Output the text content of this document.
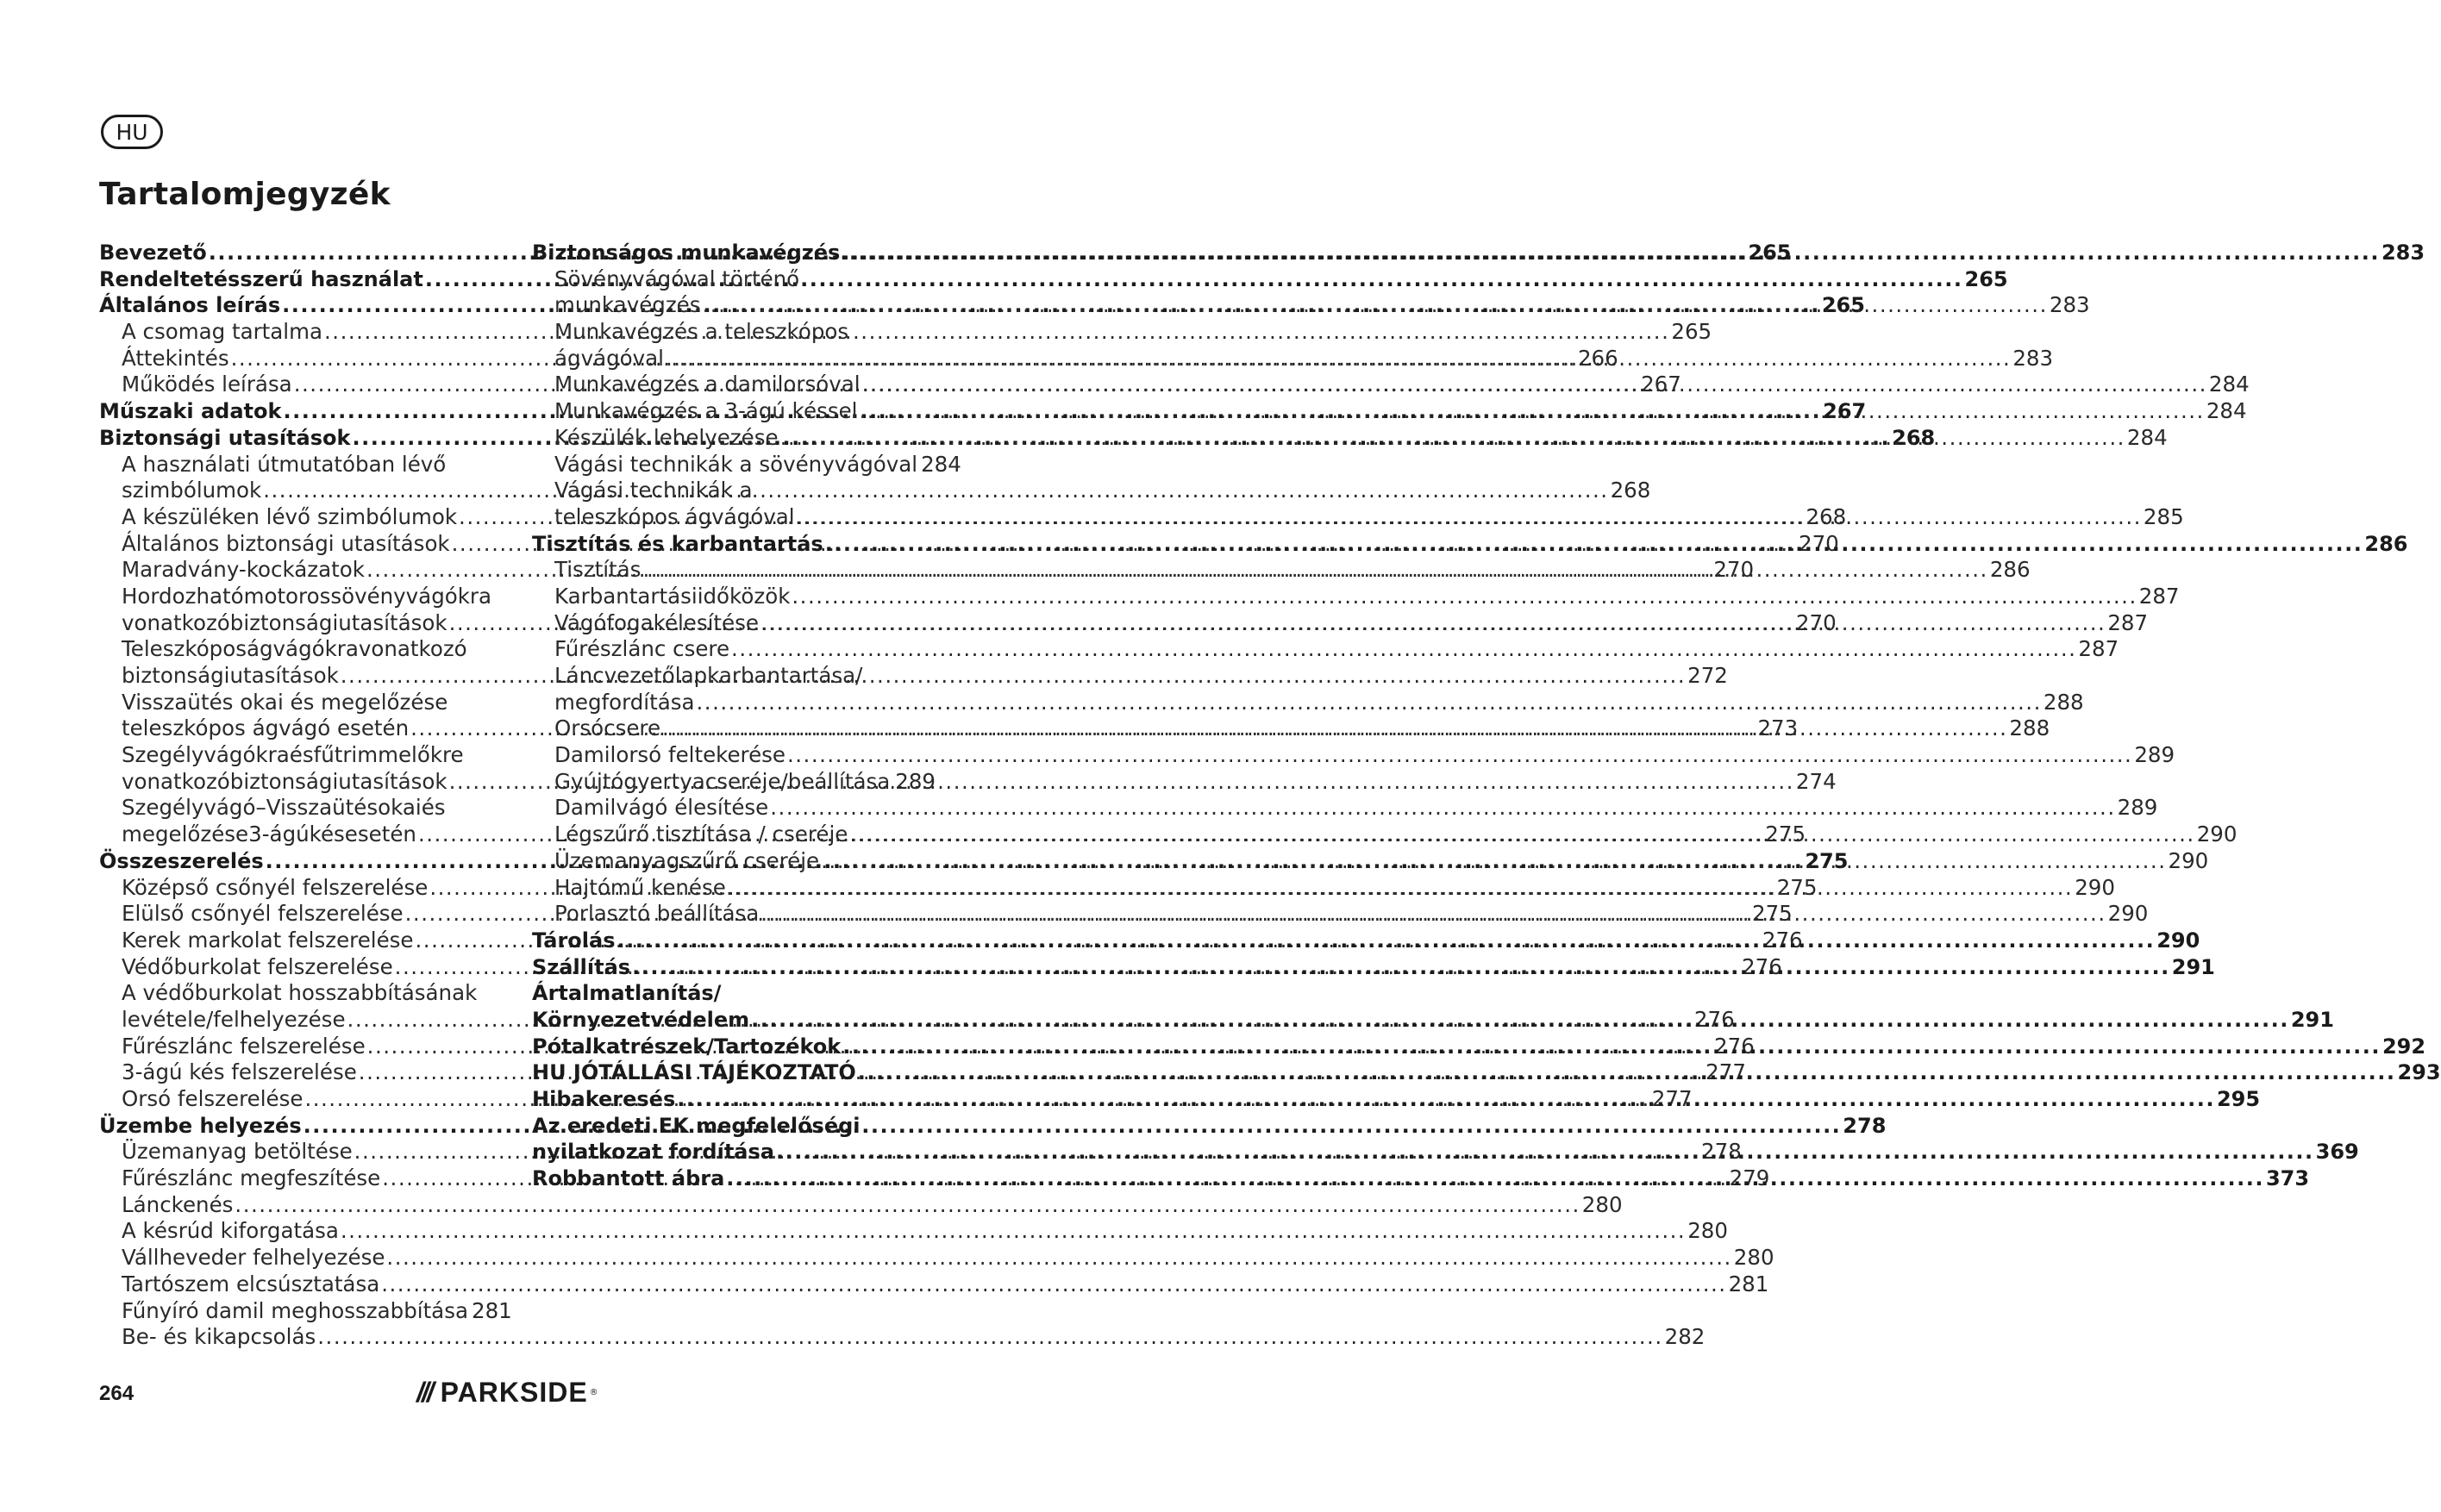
HU
Tartalomjegyzék
Bevezető .....	265
Rendeltetésszerű használat .....	265
Általános leírás .....	265
A csomag tartalma .....	265
Áttekintés .....	266
Működés leírása .....	267
Műszaki adatok .....	267
Biztonsági utasítások .....	268
A használati útmutatóban lévő
szimbólumok .....	268
A készüléken lévő szimbólumok .....	268
Általános biztonsági utasítások .....	270
Maradvány-kockázatok .....	270
Hordozhatómotorossövényvágókra
vonatkozóbiztonságiutasítások .....	270
Teleszkóposágvágókravonatkozó
biztonságiutasítások .....	272
Visszaütés okai és megelőzése
teleszkópos ágvágó esetén .....	273
Szegélyvágókraésfűtrimmelőkre
vonatkozóbiztonságiutasítások .....	274
Szegélyvágó–Visszaütésokaiés
megelőzése3-ágúkésesetén .....	275
Összeszerelés .....	275
Középső csőnyél felszerelése .....	275
Elülső csőnyél felszerelése .....	275
Kerek markolat felszerelése .....	276
Védőburkolat felszerelése .....	276
A védőburkolat hosszabbításának
levétele/felhelyezése .....	276
Fűrészlánc felszerelése .....	276
3-ágú kés felszerelése .....	277
Orsó felszerelése .....	277
Üzembe helyezés .....	278
Üzemanyag betöltése .....	278
Fűrészlánc megfeszítése .....	279
Lánckenés .....	280
A késrúd kiforgatása .....	280
Vállheveder felhelyezése .....	280
Tartószem elcsúsztatása .....	281
Fűnyíró damil meghosszabbítása 281
Be- és kikapcsolás .....	282
Biztonságos munkavégzés .....	283
Sövényvágóval történő
munkavégzés .....	283
Munkavégzés a teleszkópos
ágvágóval .....	283
Munkavégzés a damilorsóval .....	284
Munkavégzés a 3-ágú késsel .....	284
Készülék lehelyezése .....	284
Vágási technikák a sövényvágóval 284
Vágási technikák a
teleszkópos ágvágóval .....	285
Tisztítás és karbantartás .....	286
Tisztítás .....	286
Karbantartásiidőközök .....	287
Vágófogakélesítése .....	287
Fűrészlánc csere .....	287
Láncvezetőlapkarbantartása/
megfordítása .....	288
Orsócsere .....	288
Damilorsó feltekerése .....	289
Gyújtógyertyacseréje/beállítása ..... 289
Damilvágó élesítése .....	289
Légszűrő tisztítása / cseréje .....	290
Üzemanyagszűrő cseréje .....	290
Hajtómű kenése .....	290
Porlasztó beállítása .....	290
Tárolás .....	290
Szállítás .....	291
Ártalmatlanítás/
Környezetvédelem .....	291
Pótalkatrészek/Tartozékok .....	292
HU JÓTÁLLÁSI TÁJÉKOZTATÓ .....	293
Hibakeresés .....	295
Az eredeti EK megfelelőségi
nyilatkozat fordítása .....	369
Robbantott ábra .....	373
264	/// PARKSIDE ®
